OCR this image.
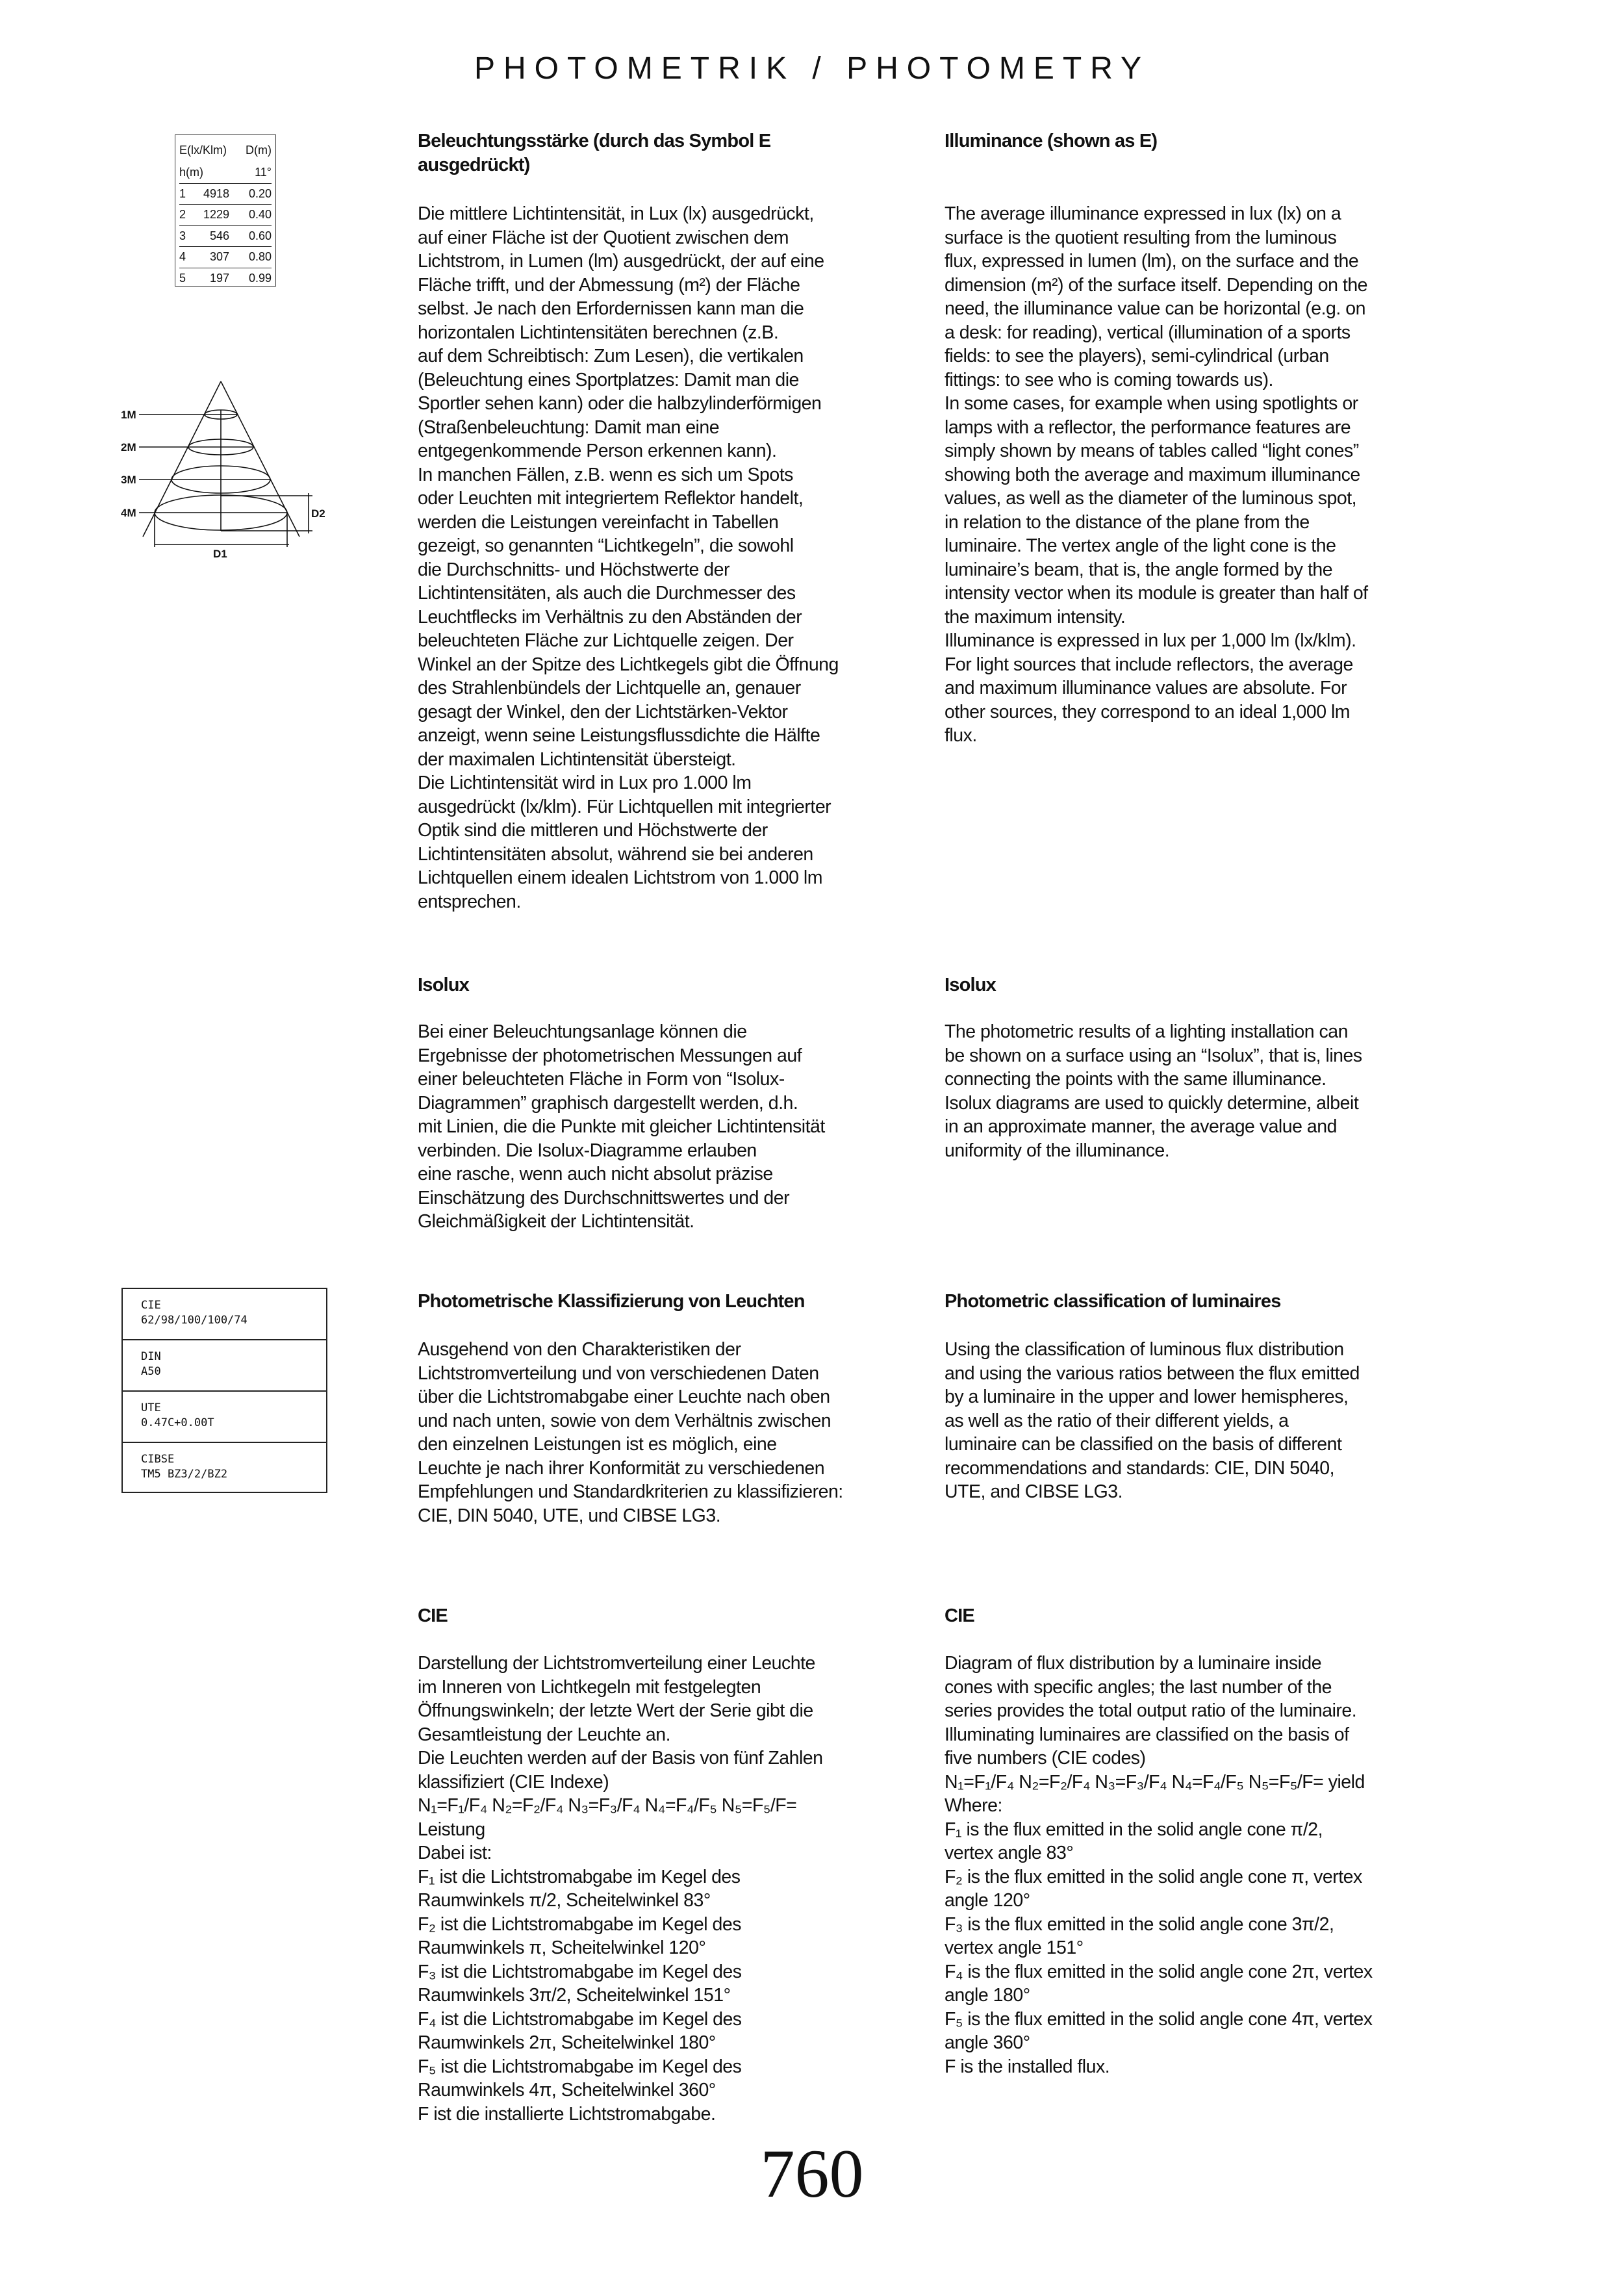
PHOTOMETRIK / PHOTOMETRY
E(lx/Klm) D(m)
h(m)	11°
1	4918	0.20
2	1229	0.40
3	546	0.60
4	307	0.80
5	197	0.99
1M
2M
3M
4M	D2
D1
CIE
62/98/100/100/74
DIN
A50
UTE
0.47C+0.00T
CIBSE
TM5 BZ3/2/BZ2
Beleuchtungsstärke (durch das Symbol E
ausgedrückt)
Die mittlere Lichtintensität, in Lux (lx) ausgedrückt,
auf einer Fläche ist der Quotient zwischen dem
Lichtstrom, in Lumen (lm) ausgedrückt, der auf eine
Fläche trifft, und der Abmessung (m²) der Fläche
selbst. Je nach den Erfordernissen kann man die
horizontalen Lichtintensitäten berechnen (z.B.
auf dem Schreibtisch: Zum Lesen), die vertikalen
(Beleuchtung eines Sportplatzes: Damit man die
Sportler sehen kann) oder die halbzylinderförmigen
(Straßenbeleuchtung: Damit man eine
entgegenkommende Person erkennen kann).
In manchen Fällen, z.B. wenn es sich um Spots
oder Leuchten mit integriertem Reflektor handelt,
werden die Leistungen vereinfacht in Tabellen
gezeigt, so genannten “Lichtkegeln”, die sowohl
die Durchschnitts- und Höchstwerte der
Lichtintensitäten, als auch die Durchmesser des
Leuchtflecks im Verhältnis zu den Abständen der
beleuchteten Fläche zur Lichtquelle zeigen. Der
Winkel an der Spitze des Lichtkegels gibt die Öffnung
des Strahlenbündels der Lichtquelle an, genauer
gesagt der Winkel, den der Lichtstärken-Vektor
anzeigt, wenn seine Leistungsflussdichte die Hälfte
der maximalen Lichtintensität übersteigt.
Die Lichtintensität wird in Lux pro 1.000 lm
ausgedrückt (lx/klm). Für Lichtquellen mit integrierter
Optik sind die mittleren und Höchstwerte der
Lichtintensitäten absolut, während sie bei anderen
Lichtquellen einem idealen Lichtstrom von 1.000 lm
entsprechen.
Illuminance (shown as E)
The average illuminance expressed in lux (lx) on a
surface is the quotient resulting from the luminous
flux, expressed in lumen (lm), on the surface and the
dimension (m²) of the surface itself. Depending on the
need, the illuminance value can be horizontal (e.g. on
a desk: for reading), vertical (illumination of a sports
fields: to see the players), semi-cylindrical (urban
fittings: to see who is coming towards us).
In some cases, for example when using spotlights or
lamps with a reflector, the performance features are
simply shown by means of tables called “light cones”
showing both the average and maximum illuminance
values, as well as the diameter of the luminous spot,
in relation to the distance of the plane from the
luminaire. The vertex angle of the light cone is the
luminaire’s beam, that is, the angle formed by the
intensity vector when its module is greater than half of
the maximum intensity.
Illuminance is expressed in lux per 1,000 lm (lx/klm).
For light sources that include reflectors, the average
and maximum illuminance values are absolute. For
other sources, they correspond to an ideal 1,000 lm
flux.
Isolux
Bei einer Beleuchtungsanlage können die
Ergebnisse der photometrischen Messungen auf
einer beleuchteten Fläche in Form von “Isolux-
Diagrammen” graphisch dargestellt werden, d.h.
mit Linien, die die Punkte mit gleicher Lichtintensität
verbinden. Die Isolux-Diagramme erlauben
eine rasche, wenn auch nicht absolut präzise
Einschätzung des Durchschnittswertes und der
Gleichmäßigkeit der Lichtintensität.
Isolux
The photometric results of a lighting installation can
be shown on a surface using an “Isolux”, that is, lines
connecting the points with the same illuminance.
Isolux diagrams are used to quickly determine, albeit
in an approximate manner, the average value and
uniformity of the illuminance.
Photometrische Klassifizierung von Leuchten
Ausgehend von den Charakteristiken der
Lichtstromverteilung und von verschiedenen Daten
über die Lichtstromabgabe einer Leuchte nach oben
und nach unten, sowie von dem Verhältnis zwischen
den einzelnen Leistungen ist es möglich, eine
Leuchte je nach ihrer Konformität zu verschiedenen
Empfehlungen und Standardkriterien zu klassifizieren:
CIE, DIN 5040, UTE, und CIBSE LG3.
Photometric classification of luminaires
Using the classification of luminous flux distribution
and using the various ratios between the flux emitted
by a luminaire in the upper and lower hemispheres,
as well as the ratio of their different yields, a
luminaire can be classified on the basis of different
recommendations and standards: CIE, DIN 5040,
UTE, and CIBSE LG3.
CIE
Darstellung der Lichtstromverteilung einer Leuchte
im Inneren von Lichtkegeln mit festgelegten
Öffnungswinkeln; der letzte Wert der Serie gibt die
Gesamtleistung der Leuchte an.
Die Leuchten werden auf der Basis von fünf Zahlen
klassifiziert (CIE Indexe)
N₁=F₁/F₄ N₂=F₂/F₄ N₃=F₃/F₄ N₄=F₄/F₅ N₅=F₅/F=
Leistung
Dabei ist:
F₁ ist die Lichtstromabgabe im Kegel des
Raumwinkels π/2, Scheitelwinkel 83°
F₂ ist die Lichtstromabgabe im Kegel des
Raumwinkels π, Scheitelwinkel 120°
F₃ ist die Lichtstromabgabe im Kegel des
Raumwinkels 3π/2, Scheitelwinkel 151°
F₄ ist die Lichtstromabgabe im Kegel des
Raumwinkels 2π, Scheitelwinkel 180°
F₅ ist die Lichtstromabgabe im Kegel des
Raumwinkels 4π, Scheitelwinkel 360°
F ist die installierte Lichtstromabgabe.
CIE
Diagram of flux distribution by a luminaire inside
cones with specific angles; the last number of the
series provides the total output ratio of the luminaire.
Illuminating luminaires are classified on the basis of
five numbers (CIE codes)
N₁=F₁/F₄ N₂=F₂/F₄ N₃=F₃/F₄ N₄=F₄/F₅ N₅=F₅/F= yield
Where:
F₁ is the flux emitted in the solid angle cone π/2,
vertex angle 83°
F₂ is the flux emitted in the solid angle cone π, vertex
angle 120°
F₃ is the flux emitted in the solid angle cone 3π/2,
vertex angle 151°
F₄ is the flux emitted in the solid angle cone 2π, vertex
angle 180°
F₅ is the flux emitted in the solid angle cone 4π, vertex
angle 360°
F is the installed flux.
760
